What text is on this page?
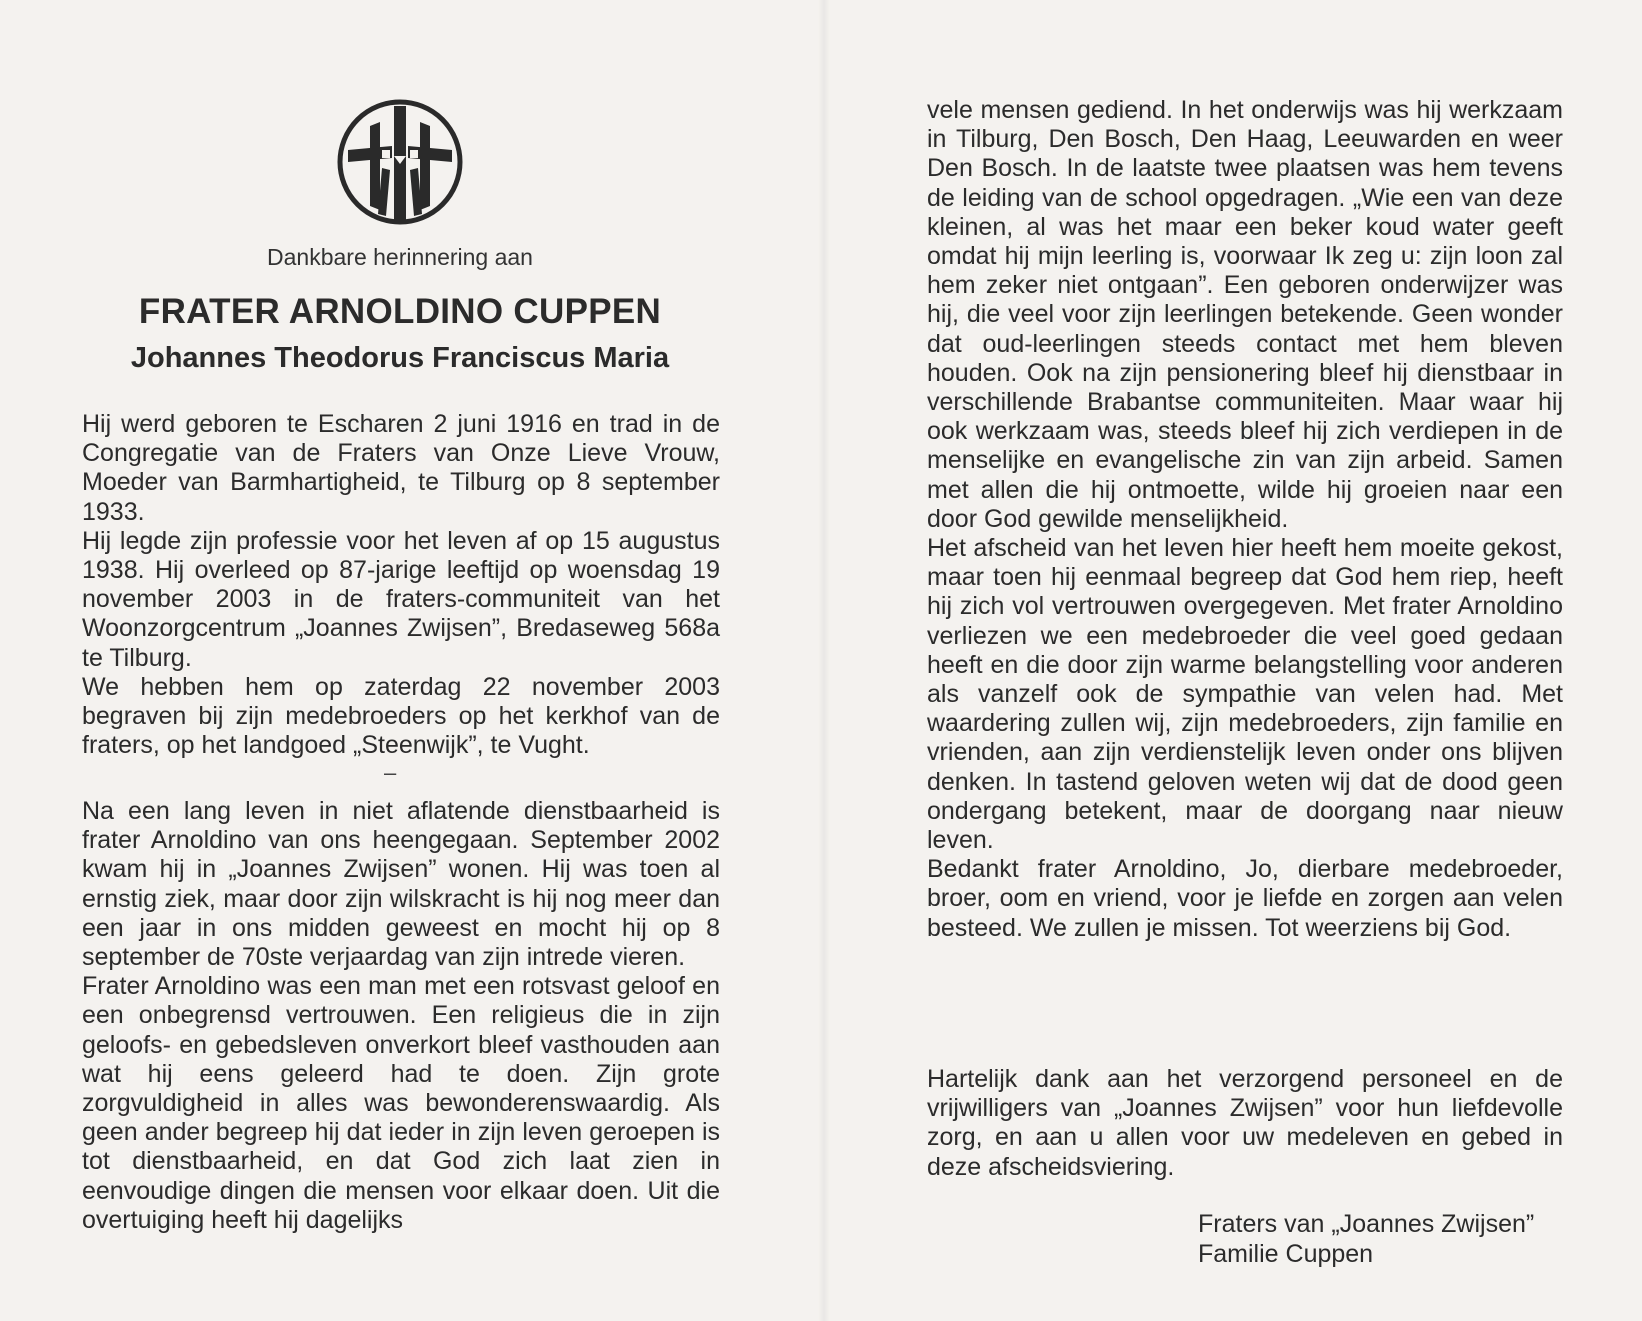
Dankbare herinnering aan
FRATER ARNOLDINO CUPPEN
Johannes Theodorus Franciscus Maria

Hij werd geboren te Escharen 2 juni 1916 en trad in de Congregatie van de Fraters van Onze Lieve Vrouw, Moeder van Barmhartigheid, te Tilburg op 8 september 1933.

Hij legde zijn professie voor het leven af op 15 augustus 1938. Hij overleed op 87-jarige leeftijd op woensdag 19 november 2003 in de fraters-communiteit van het Woonzorgcentrum „Joannes Zwijsen”, Bredaseweg 568a te Tilburg.

We hebben hem op zaterdag 22 november 2003 begraven bij zijn medebroeders op het kerkhof van de fraters, op het landgoed „Steenwijk”, te Vught.

–

Na een lang leven in niet aflatende dienstbaarheid is frater Arnoldino van ons heengegaan. September 2002 kwam hij in „Joannes Zwijsen” wonen. Hij was toen al ernstig ziek, maar door zijn wilskracht is hij nog meer dan een jaar in ons midden geweest en mocht hij op 8 september de 70ste verjaardag van zijn intrede vieren.

Frater Arnoldino was een man met een rotsvast geloof en een onbegrensd vertrouwen. Een religieus die in zijn geloofs- en gebedsleven onverkort bleef vasthouden aan wat hij eens geleerd had te doen. Zijn grote zorgvuldigheid in alles was bewonderenswaardig. Als geen ander begreep hij dat ieder in zijn leven geroepen is tot dienstbaarheid, en dat God zich laat zien in eenvoudige dingen die mensen voor elkaar doen. Uit die overtuiging heeft hij dagelijks

vele mensen gediend. In het onderwijs was hij werkzaam in Tilburg, Den Bosch, Den Haag, Leeuwarden en weer Den Bosch. In de laatste twee plaatsen was hem tevens de leiding van de school opgedragen. „Wie een van deze kleinen, al was het maar een beker koud water geeft omdat hij mijn leerling is, voorwaar Ik zeg u: zijn loon zal hem zeker niet ontgaan”. Een geboren onderwijzer was hij, die veel voor zijn leerlingen betekende. Geen wonder dat oud-leerlingen steeds contact met hem bleven houden. Ook na zijn pensionering bleef hij dienstbaar in verschillende Brabantse communiteiten. Maar waar hij ook werkzaam was, steeds bleef hij zich verdiepen in de menselijke en evangelische zin van zijn arbeid. Samen met allen die hij ontmoette, wilde hij groeien naar een door God gewilde menselijkheid.

Het afscheid van het leven hier heeft hem moeite gekost, maar toen hij eenmaal begreep dat God hem riep, heeft hij zich vol vertrouwen overgegeven. Met frater Arnoldino verliezen we een medebroeder die veel goed gedaan heeft en die door zijn warme belangstelling voor anderen als vanzelf ook de sympathie van velen had. Met waardering zullen wij, zijn medebroeders, zijn familie en vrienden, aan zijn verdienstelijk leven onder ons blijven denken. In tastend geloven weten wij dat de dood geen ondergang betekent, maar de doorgang naar nieuw leven.

Bedankt frater Arnoldino, Jo, dierbare medebroeder, broer, oom en vriend, voor je liefde en zorgen aan velen besteed. We zullen je missen. Tot weerziens bij God.

Hartelijk dank aan het verzorgend personeel en de vrijwilligers van „Joannes Zwijsen” voor hun liefdevolle zorg, en aan u allen voor uw medeleven en gebed in deze afscheidsviering.

Fraters van „Joannes Zwijsen”
Familie Cuppen
